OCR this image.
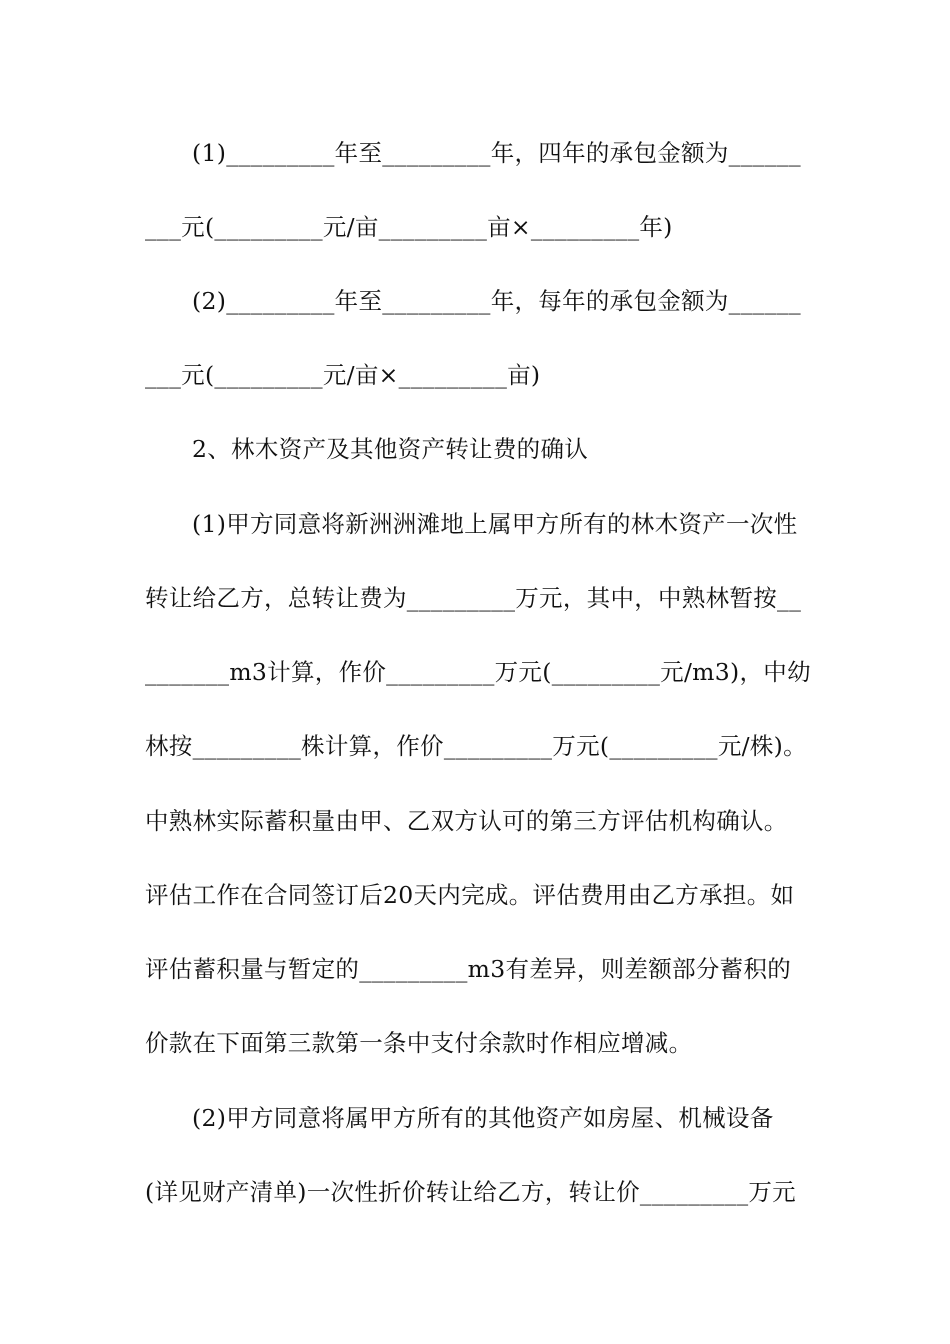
(1)_________年至_________年，四年的承包金额为______
___元(_________元/亩_________亩×_________年)
(2)_________年至_________年，每年的承包金额为______
___元(_________元/亩×_________亩)
2、林木资产及其他资产转让费的确认
(1)甲方同意将新洲洲滩地上属甲方所有的林木资产一次性
转让给乙方，总转让费为_________万元，其中，中熟林暂按__
_______m3计算，作价_________万元(_________元/m3)，中幼
林按_________株计算，作价_________万元(_________元/株)。
中熟林实际蓄积量由甲、乙双方认可的第三方评估机构确认。
评估工作在合同签订后20天内完成。评估费用由乙方承担。如
评估蓄积量与暂定的_________m3有差异，则差额部分蓄积的
价款在下面第三款第一条中支付余款时作相应增减。
(2)甲方同意将属甲方所有的其他资产如房屋、机械设备
(详见财产清单)一次性折价转让给乙方，转让价_________万元
